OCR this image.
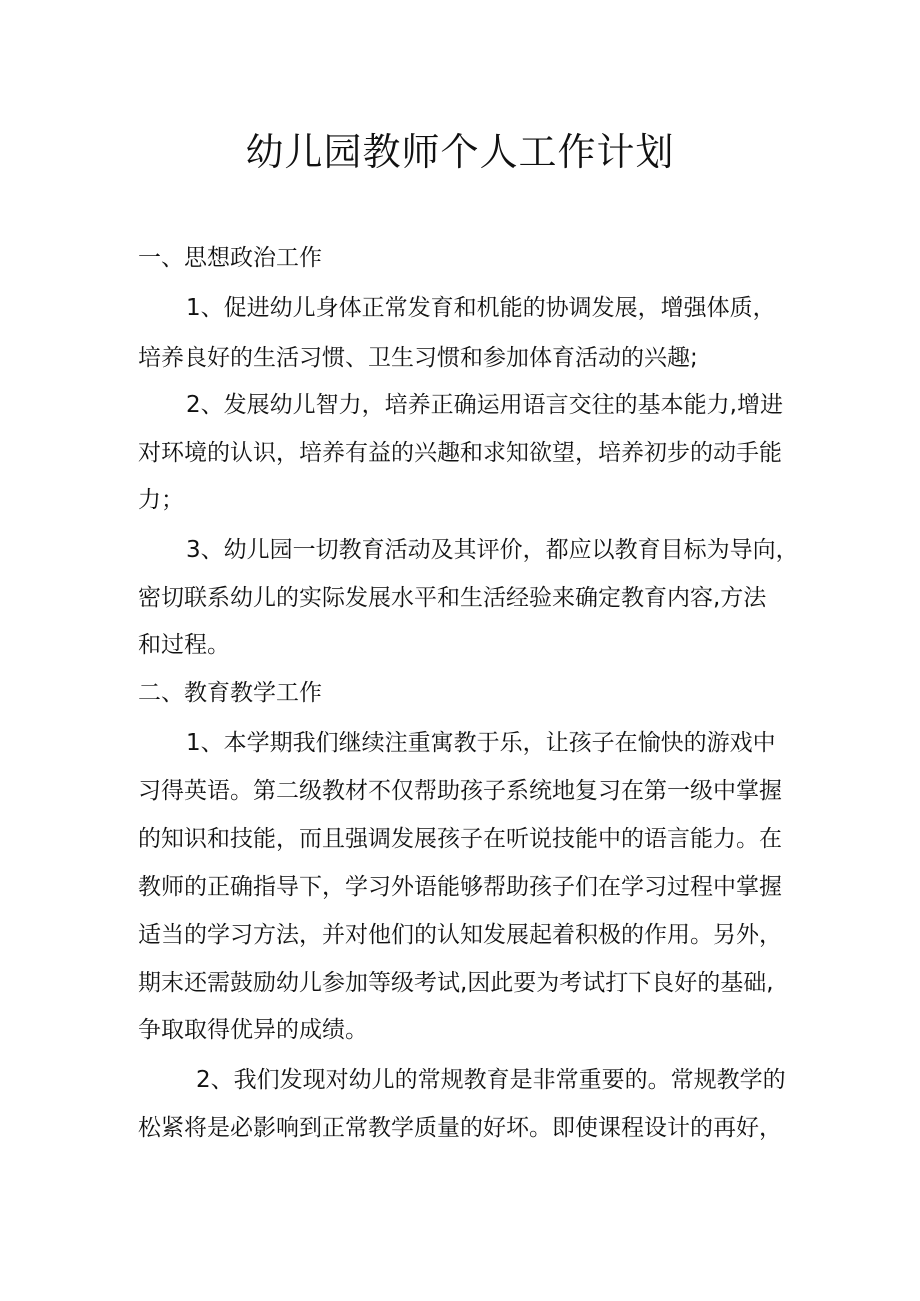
幼儿园教师个人工作计划
一、思想政治工作
1、促进幼儿身体正常发育和机能的协调发展，增强体质，
培养良好的生活习惯、卫生习惯和参加体育活动的兴趣;
2、发展幼儿智力，培养正确运用语言交往的基本能力,增进
对环境的认识，培养有益的兴趣和求知欲望，培养初步的动手能
力；
3、幼儿园一切教育活动及其评价，都应以教育目标为导向，
密切联系幼儿的实际发展水平和生活经验来确定教育内容,方法
和过程。
二、教育教学工作
1、本学期我们继续注重寓教于乐，让孩子在愉快的游戏中
习得英语。第二级教材不仅帮助孩子系统地复习在第一级中掌握
的知识和技能，而且强调发展孩子在听说技能中的语言能力。在
教师的正确指导下，学习外语能够帮助孩子们在学习过程中掌握
适当的学习方法，并对他们的认知发展起着积极的作用。另外，
期末还需鼓励幼儿参加等级考试,因此要为考试打下良好的基础,
争取取得优异的成绩。
2、我们发现对幼儿的常规教育是非常重要的。常规教学的
松紧将是必影响到正常教学质量的好坏。即使课程设计的再好，
